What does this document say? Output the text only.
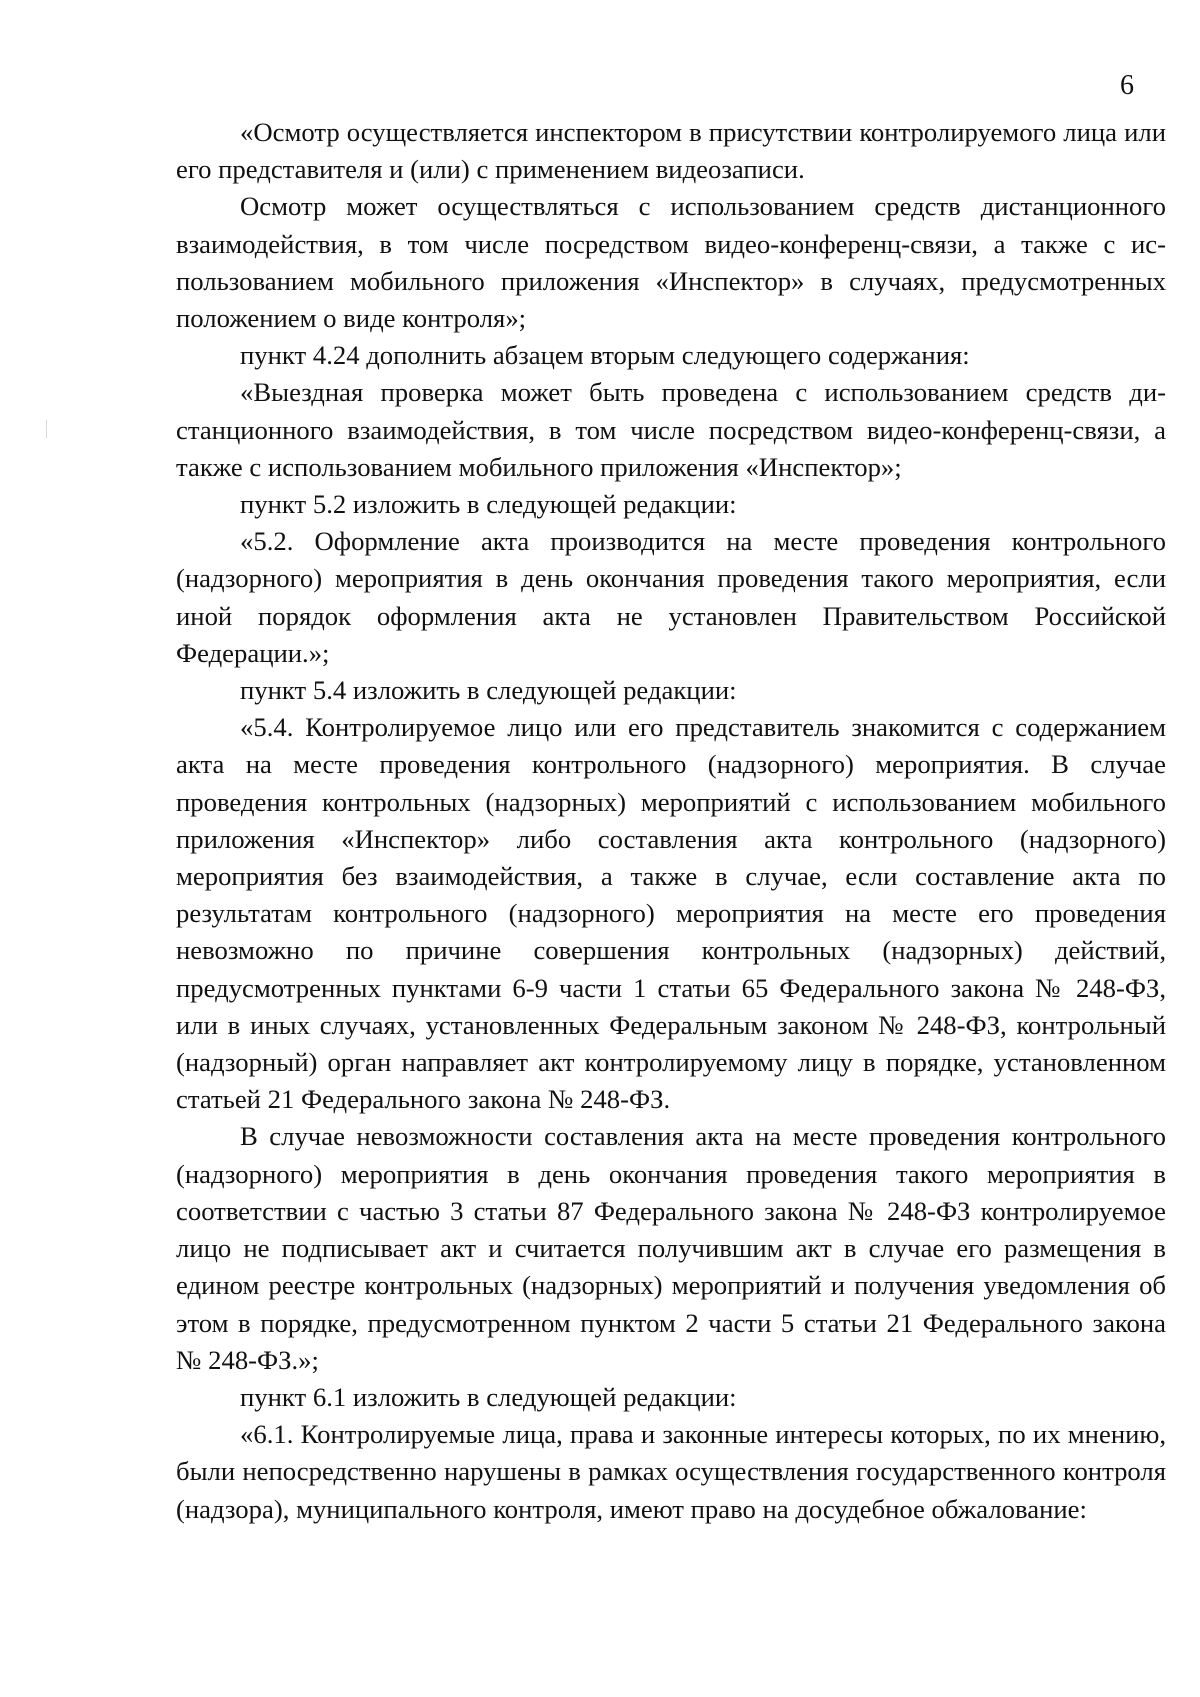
6

«Осмотр осуществляется инспектором в присутствии контролируемого лица или его представителя и (или) с применением видеозаписи.

Осмотр может осуществляться с использованием средств дистанционного взаимодействия, в том числе посредством видео-конференц-связи, а также с использованием мобильного приложения «Инспектор» в случаях, предусмотренных положением о виде контроля»;

пункт 4.24 дополнить абзацем вторым следующего содержания:

«Выездная проверка может быть проведена с использованием средств дистанционного взаимодействия, в том числе посредством видео-конференц-связи, а также с использованием мобильного приложения «Инспектор»;

пункт 5.2 изложить в следующей редакции:

«5.2. Оформление акта производится на месте проведения контрольного (надзорного) мероприятия в день окончания проведения такого мероприятия, если иной порядок оформления акта не установлен Правительством Российской Федерации.»;

пункт 5.4 изложить в следующей редакции:

«5.4. Контролируемое лицо или его представитель знакомится с содержанием акта на месте проведения контрольного (надзорного) мероприятия. В случае проведения контрольных (надзорных) мероприятий с использованием мобильного приложения «Инспектор» либо составления акта контрольного (надзорного) мероприятия без взаимодействия, а также в случае, если составление акта по результатам контрольного (надзорного) мероприятия на месте его проведения невозможно по причине совершения контрольных (надзорных) действий, предусмотренных пунктами 6-9 части 1 статьи 65 Федерального закона № 248-ФЗ, или в иных случаях, установленных Федеральным законом № 248-ФЗ, контрольный (надзорный) орган направляет акт контролируемому лицу в порядке, установленном статьей 21 Федерального закона № 248-ФЗ.

В случае невозможности составления акта на месте проведения контрольного (надзорного) мероприятия в день окончания проведения такого мероприятия в соответствии с частью 3 статьи 87 Федерального закона № 248-ФЗ контролируемое лицо не подписывает акт и считается получившим акт в случае его размещения в едином реестре контрольных (надзорных) мероприятий и получения уведомления об этом в порядке, предусмотренном пунктом 2 части 5 статьи 21 Федерального закона № 248-ФЗ.»;

пункт 6.1 изложить в следующей редакции:

«6.1. Контролируемые лица, права и законные интересы которых, по их мнению, были непосредственно нарушены в рамках осуществления государственного контроля (надзора), муниципального контроля, имеют право на досудебное обжалование:
